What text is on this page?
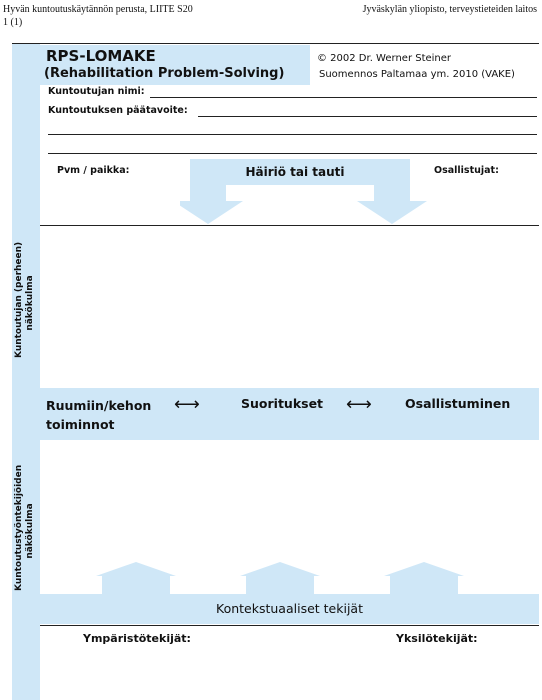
Hyvän kuntoutuskäytännön perusta, LIITE S20
1 (1)
Jyväskylän yliopisto, terveystieteiden laitos
RPS-LOMAKE
(Rehabilitation Problem-Solving)
© 2002 Dr. Werner Steiner
Suomennos Paltamaa ym. 2010 (VAKE)
Kuntoutujan nimi:
Kuntoutuksen päätavoite:
Pvm / paikka:	Osallistujat:
Häiriö tai tauti
Kuntoutujan (perheen) näkökulma
Ruumiin/kehon
toiminnot
⟷	Suoritukset ⟷	Osallistuminen
Kuntoutustyöntekijöiden näkökulma
Kontekstuaaliset tekijät
Ympäristötekijät:	Yksilötekijät:
